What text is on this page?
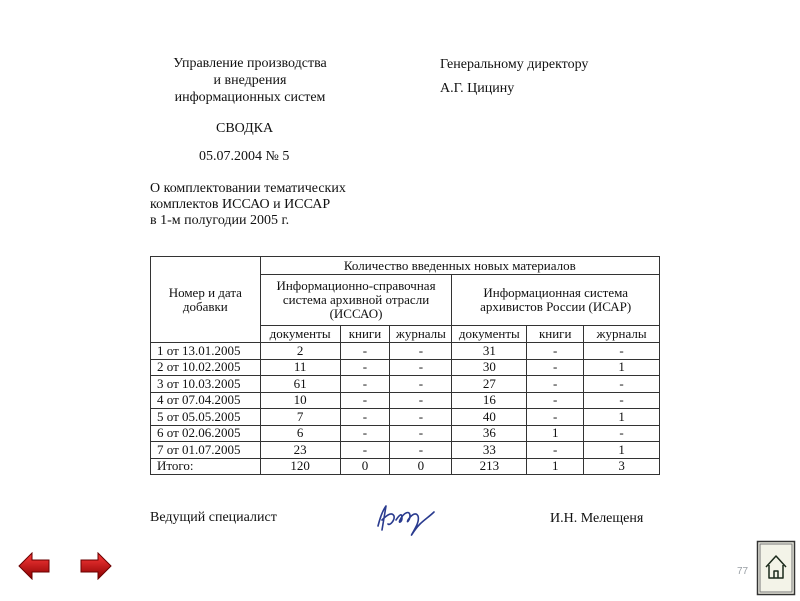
Управление производства
и внедрения
информационных систем
Генеральному директору
А.Г. Цицину
СВОДКА
05.07.2004 № 5
О комплектовании тематических
комплектов ИССАО и ИССАР
в 1-м полугодии 2005 г.
Номер и дата добавки	Количество введенных новых материалов					
	Информационно-справочная система архивной отрасли (ИССАО)			Информационная система архивистов России (ИСАР)		
	документы	книги	журналы	документы	книги	журналы
1 от 13.01.2005	2	-	-	31	-	-
2 от 10.02.2005	11	-	-	30	-	1
3 от 10.03.2005	61	-	-	27	-	-
4 от 07.04.2005	10	-	-	16	-	-
5 от 05.05.2005	7	-	-	40	-	1
6 от 02.06.2005	6	-	-	36	1	-
7 от 01.07.2005	23	-	-	33	-	1
Итого:	120	0	0	213	1	3
Ведущий специалист	И.Н. Мелещеня
77
